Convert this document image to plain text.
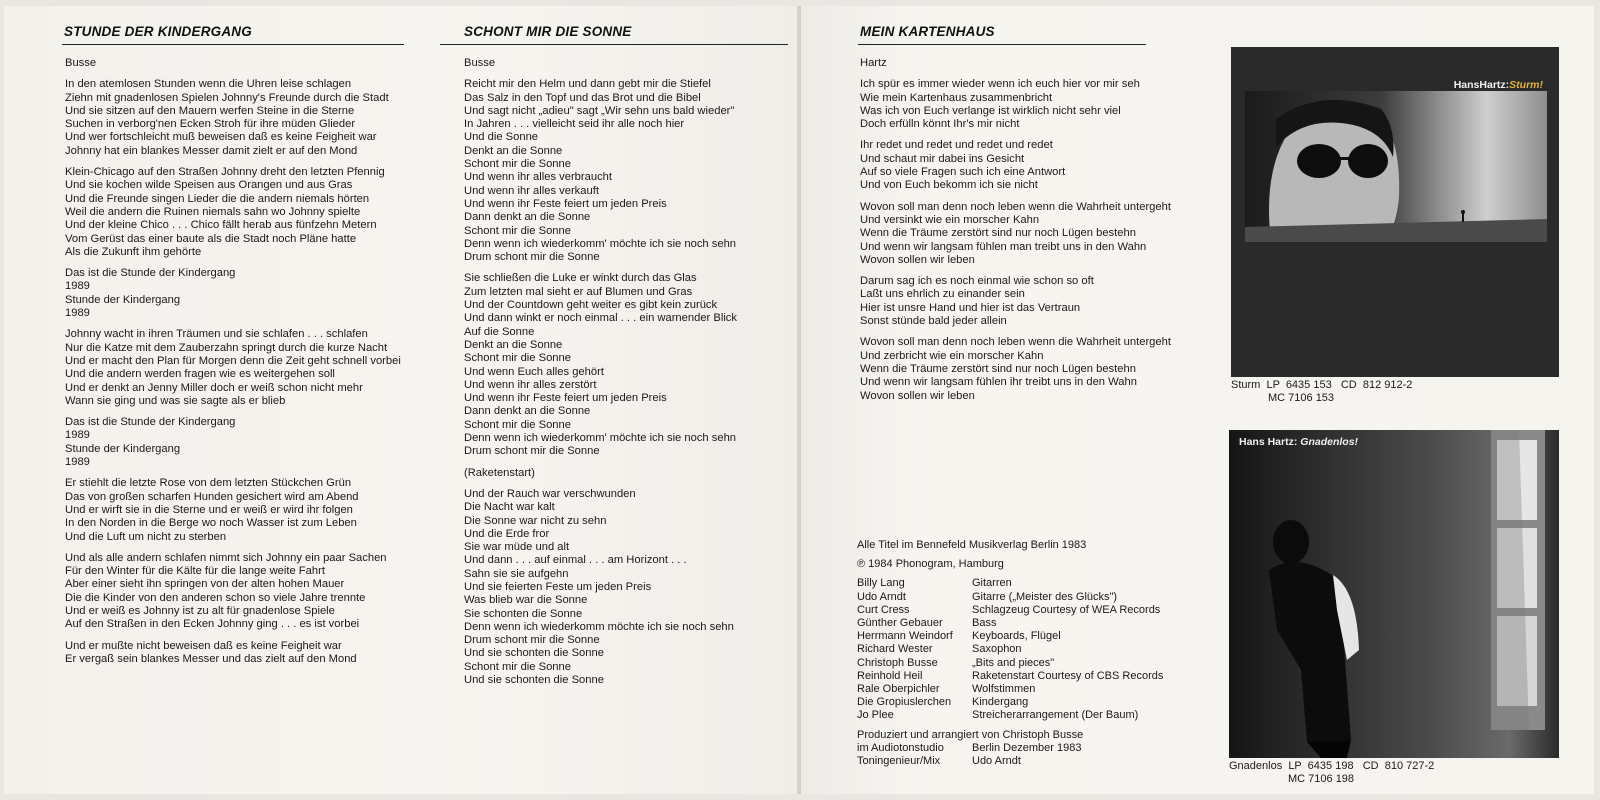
STUNDE DER KINDERGANG
Busse
In den atemlosen Stunden wenn die Uhren leise schlagen
Ziehn mit gnadenlosen Spielen Johnny's Freunde durch die Stadt
Und sie sitzen auf den Mauern werfen Steine in die Sterne
Suchen in verborg'nen Ecken Stroh für ihre müden Glieder
Und wer fortschleicht muß beweisen daß es keine Feigheit war
Johnny hat ein blankes Messer damit zielt er auf den Mond
Klein-Chicago auf den Straßen Johnny dreht den letzten Pfennig
Und sie kochen wilde Speisen aus Orangen und aus Gras
Und die Freunde singen Lieder die die andern niemals hörten
Weil die andern die Ruinen niemals sahn wo Johnny spielte
Und der kleine Chico . . . Chico fällt herab aus fünfzehn Metern
Vom Gerüst das einer baute als die Stadt noch Pläne hatte
Als die Zukunft ihm gehörte
Das ist die Stunde der Kindergang
1989
Stunde der Kindergang
1989
Johnny wacht in ihren Träumen und sie schlafen . . . schlafen
Nur die Katze mit dem Zauberzahn springt durch die kurze Nacht
Und er macht den Plan für Morgen denn die Zeit geht schnell vorbei
Und die andern werden fragen wie es weitergehen soll
Und er denkt an Jenny Miller doch er weiß schon nicht mehr
Wann sie ging und was sie sagte als er blieb
Das ist die Stunde der Kindergang
1989
Stunde der Kindergang
1989
Er stiehlt die letzte Rose von dem letzten Stückchen Grün
Das von großen scharfen Hunden gesichert wird am Abend
Und er wirft sie in die Sterne und er weiß er wird ihr folgen
In den Norden in die Berge wo noch Wasser ist zum Leben
Und die Luft um nicht zu sterben
Und als alle andern schlafen nimmt sich Johnny ein paar Sachen
Für den Winter für die Kälte für die lange weite Fahrt
Aber einer sieht ihn springen von der alten hohen Mauer
Die die Kinder von den anderen schon so viele Jahre trennte
Und er weiß es Johnny ist zu alt für gnadenlose Spiele
Auf den Straßen in den Ecken Johnny ging . . . es ist vorbei
Und er mußte nicht beweisen daß es keine Feigheit war
Er vergaß sein blankes Messer und das zielt auf den Mond
SCHONT MIR DIE SONNE
Busse
Reicht mir den Helm und dann gebt mir die Stiefel
Das Salz in den Topf und das Brot und die Bibel
Und sagt nicht „adieu" sagt „Wir sehn uns bald wieder"
In Jahren . . . vielleicht seid ihr alle noch hier
Und die Sonne
Denkt an die Sonne
Schont mir die Sonne
Und wenn ihr alles verbraucht
Und wenn ihr alles verkauft
Und wenn ihr Feste feiert um jeden Preis
Dann denkt an die Sonne
Schont mir die Sonne
Denn wenn ich wiederkomm' möchte ich sie noch sehn
Drum schont mir die Sonne
Sie schließen die Luke er winkt durch das Glas
Zum letzten mal sieht er auf Blumen und Gras
Und der Countdown geht weiter es gibt kein zurück
Und dann winkt er noch einmal . . . ein warnender Blick
Auf die Sonne
Denkt an die Sonne
Schont mir die Sonne
Und wenn Euch alles gehört
Und wenn ihr alles zerstört
Und wenn ihr Feste feiert um jeden Preis
Dann denkt an die Sonne
Schont mir die Sonne
Denn wenn ich wiederkomm' möchte ich sie noch sehn
Drum schont mir die Sonne
(Raketenstart)
Und der Rauch war verschwunden
Die Nacht war kalt
Die Sonne war nicht zu sehn
Und die Erde fror
Sie war müde und alt
Und dann . . . auf einmal . . . am Horizont . . .
Sahn sie sie aufgehn
Und sie feierten Feste um jeden Preis
Was blieb war die Sonne
Sie schonten die Sonne
Denn wenn ich wiederkomm möchte ich sie noch sehn
Drum schont mir die Sonne
Und sie schonten die Sonne
Schont mir die Sonne
Und sie schonten die Sonne
MEIN KARTENHAUS
Hartz
Ich spür es immer wieder wenn ich euch hier vor mir seh
Wie mein Kartenhaus zusammenbricht
Was ich von Euch verlange ist wirklich nicht sehr viel
Doch erfülln könnt Ihr's mir nicht
Ihr redet und redet und redet und redet
Und schaut mir dabei ins Gesicht
Auf so viele Fragen such ich eine Antwort
Und von Euch bekomm ich sie nicht
Wovon soll man denn noch leben wenn die Wahrheit untergeht
Und versinkt wie ein morscher Kahn
Wenn die Träume zerstört sind nur noch Lügen bestehn
Und wenn wir langsam fühlen man treibt uns in den Wahn
Wovon sollen wir leben
Darum sag ich es noch einmal wie schon so oft
Laßt uns ehrlich zu einander sein
Hier ist unsre Hand und hier ist das Vertraun
Sonst stünde bald jeder allein
Wovon soll man denn noch leben wenn die Wahrheit untergeht
Und zerbricht wie ein morscher Kahn
Wenn die Träume zerstört sind nur noch Lügen bestehn
Und wenn wir langsam fühlen ihr treibt uns in den Wahn
Wovon sollen wir leben
Alle Titel im Bennefeld Musikverlag Berlin 1983
℗ 1984 Phonogram, Hamburg
Billy Lang	Gitarren
Udo Arndt	Gitarre („Meister des Glücks")
Curt Cress	Schlagzeug Courtesy of WEA Records
Günther Gebauer	Bass
Herrmann Weindorf	Keyboards, Flügel
Richard Wester	Saxophon
Christoph Busse	„Bits and pieces"
Reinhold Heil	Raketenstart Courtesy of CBS Records
Rale Oberpichler	Wolfstimmen
Die Gropiuslerchen	Kindergang
Jo Plee	Streicherarrangement (Der Baum)
Produziert und arrangiert von Christoph Busse
im Audiotonstudio	Berlin Dezember 1983
Toningenieur/Mix	Udo Arndt
HansHartz:Sturm!
Sturm  LP  6435 153   CD  812 912-2
MC 7106 153
Hans Hartz: Gnadenlos!
Gnadenlos  LP  6435 198   CD  810 727-2
MC 7106 198
